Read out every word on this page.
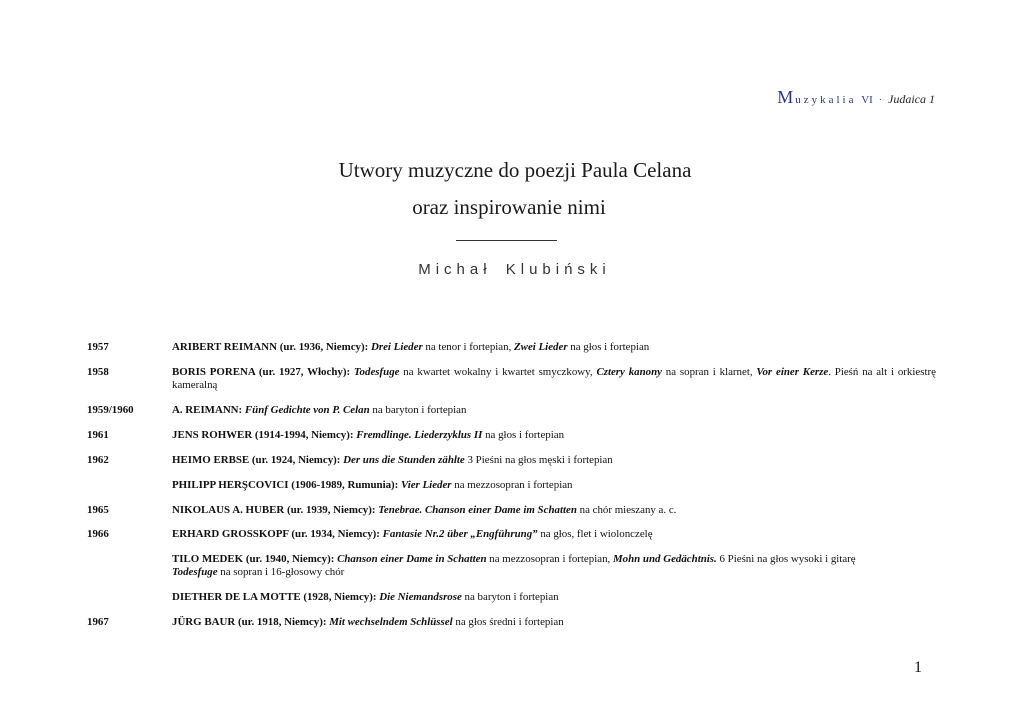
Muzykalia VI · Judaica 1
Utwory muzyczne do poezji Paula Celana
oraz inspirowanie nimi
Michał Klubiński
1957	ARIBERT REIMANN (ur. 1936, Niemcy): Drei Lieder na tenor i fortepian, Zwei Lieder na głos i fortepian
1958	BORIS PORENA (ur. 1927, Włochy): Todesfuge na kwartet wokalny i kwartet smyczkowy, Cztery kanony na sopran i klarnet, Vor einer Kerze. Pieśń na alt i orkiestrę kameralną
1959/1960	A. REIMANN: Fünf Gedichte von P. Celan na baryton i fortepian
1961	JENS ROHWER (1914-1994, Niemcy): Fremdlinge. Liederzyklus II na głos i fortepian
1962	HEIMO ERBSE (ur. 1924, Niemcy): Der uns die Stunden zählte 3 Pieśni na głos męski i fortepian
PHILIPP HERŞCOVICI (1906-1989, Rumunia): Vier Lieder na mezzosopran i fortepian
1965	NIKOLAUS A. HUBER (ur. 1939, Niemcy): Tenebrae. Chanson einer Dame im Schatten na chór mieszany a. c.
1966	ERHARD GROSSKOPF (ur. 1934, Niemcy): Fantasie Nr.2 über „Engführung” na głos, flet i wiolonczelę
TILO MEDEK (ur. 1940, Niemcy): Chanson einer Dame in Schatten na mezzosopran i fortepian, Mohn und Gedächtnis. 6 Pieśni na głos wysoki i gitarę
Todesfuge na sopran i 16-głosowy chór
DIETHER DE LA MOTTE (1928, Niemcy): Die Niemandsrose na baryton i fortepian
1967	JÜRG BAUR (ur. 1918, Niemcy): Mit wechselndem Schlüssel na głos średni i fortepian
1
